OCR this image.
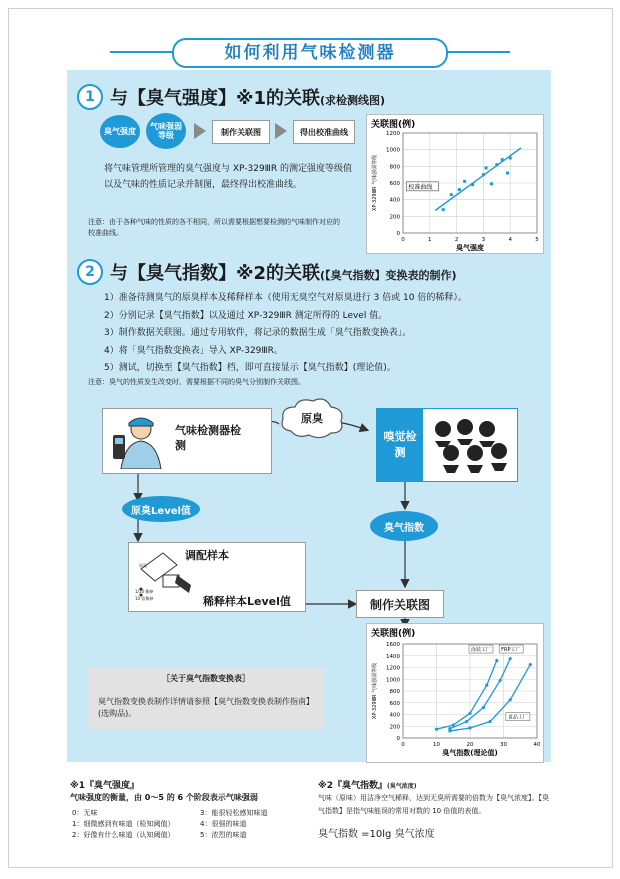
如何利用气味检测器
1 与【臭气强度】※1的关联(求检测线图)
臭气强度
气味强弱等级	制作关联图	得出校准曲线
将气味管理所管理的臭气强度与 XP-329ⅢR 的测定强度等级值以及气味的性质记录并制图，最终得出校准曲线。
注意：由于各种气味的性质的各不相同，所以需要根据想要检测的气味制作对应的校准曲线。
关联图(例)
0
200
400
600
800
1000
1200
0	1	2	3	4	5
臭气强度
XP-329ⅢR 气味强弱等级	校准曲线
2 与【臭气指数】※2的关联(【臭气指数】变换表的制作)
1）准备待测臭气的原臭样本及稀释样本（使用无臭空气对原臭进行 3 倍或 10 倍的稀释）。
2）分别记录【臭气指数】以及通过 XP-329ⅢR 测定所得的 Level 值。
3）制作数据关联图。通过专用软件，将记录的数据生成「臭气指数变换表」。
4）将「臭气指数变换表」导入 XP-329ⅢR。
5）测试，切换至【臭气指数】档，即可直接显示【臭气指数】(理论值)。
注意：臭气的性质发生改变时，需要根据不同的臭气分别制作关联图。
气味检测器检测
原臭
嗅觉检测
原臭Level值
臭气指数
原臭
1/10 稀释
10 倍稀释
调配样本
稀释样本Level值	制作关联图
［关于臭气指数变换表］
臭气指数变换表制作详情请参照【臭气指数变换表制作指南】(选购品)。
关联图(例)
0
200
400
600
800
1000
1200
1400
1600
0	10	20	30	40
臭气指数(理论值)
XP-329ⅢR 气味强弱等级
涂装工厂 FRP工厂
食品工厂
※1『臭气强度』
气味强度的衡量，由 0～5 的 6 个阶段表示气味强弱
0：无味
1：细微感到有味道（检知阈值）
2：好像有什么味道（认知阈值）
3：能很轻松感知味道
4：很强的味道
5：浓烈的味道
※2『臭气指数』(臭气浓度)
气味（原味）用洁净空气稀释，达到无臭所需要的倍数为【臭气浓度】。【臭气指数】是指气味能误的常用对数的 10 倍值的表值。
臭气指数 =10lg 臭气浓度
